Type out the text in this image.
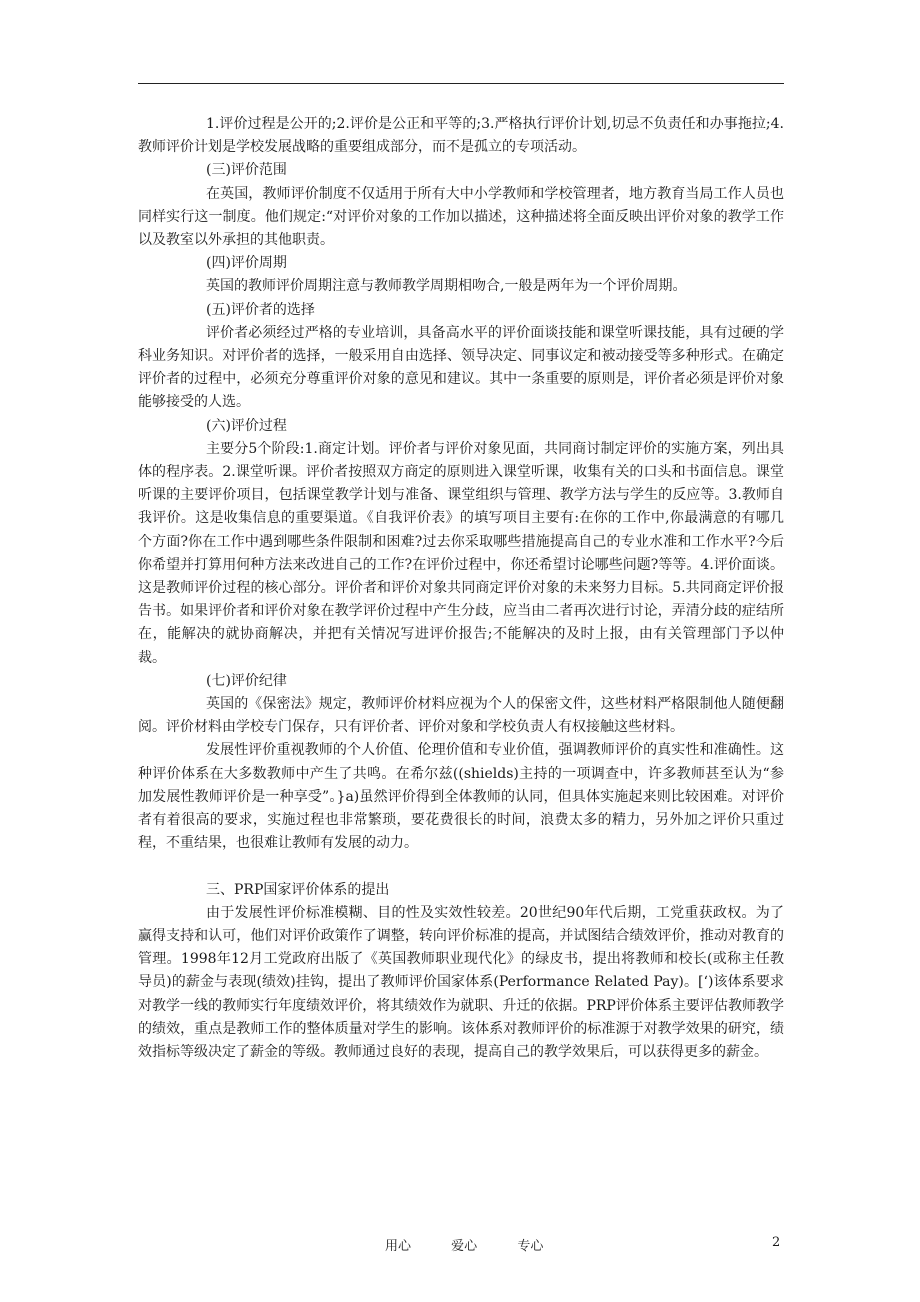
1.评价过程是公开的;2.评价是公正和平等的;3.严格执行评价计划,切忌不负责任和办事拖拉;4.教师评价计划是学校发展战略的重要组成部分，而不是孤立的专项活动。

(三)评价范围

在英国，教师评价制度不仅适用于所有大中小学教师和学校管理者，地方教育当局工作人员也同样实行这一制度。他们规定:“对评价对象的工作加以描述，这种描述将全面反映出评价对象的教学工作以及教室以外承担的其他职责。

(四)评价周期

英国的教师评价周期注意与教师教学周期相吻合,一般是两年为一个评价周期。

(五)评价者的选择

评价者必须经过严格的专业培训，具备高水平的评价面谈技能和课堂听课技能，具有过硬的学科业务知识。对评价者的选择，一般采用自由选择、领导决定、同事议定和被动接受等多种形式。在确定评价者的过程中，必须充分尊重评价对象的意见和建议。其中一条重要的原则是，评价者必须是评价对象能够接受的人选。

(六)评价过程

主要分5个阶段:1.商定计划。评价者与评价对象见面，共同商讨制定评价的实施方案，列出具体的程序表。2.课堂听课。评价者按照双方商定的原则进入课堂听课，收集有关的口头和书面信息。课堂听课的主要评价项目，包括课堂教学计划与准备、课堂组织与管理、教学方法与学生的反应等。3.教师自我评价。这是收集信息的重要渠道。《自我评价表》的填写项目主要有:在你的工作中,你最满意的有哪几个方面?你在工作中遇到哪些条件限制和困难?过去你采取哪些措施提高自己的专业水准和工作水平?今后你希望并打算用何种方法来改进自己的工作?在评价过程中，你还希望讨论哪些问题?等等。4.评价面谈。这是教师评价过程的核心部分。评价者和评价对象共同商定评价对象的未来努力目标。5.共同商定评价报告书。如果评价者和评价对象在教学评价过程中产生分歧，应当由二者再次进行讨论，弄清分歧的症结所在，能解决的就协商解决，并把有关情况写进评价报告;不能解决的及时上报，由有关管理部门予以仲裁。

(七)评价纪律

英国的《保密法》规定，教师评价材料应视为个人的保密文件，这些材料严格限制他人随便翻阅。评价材料由学校专门保存，只有评价者、评价对象和学校负责人有权接触这些材料。

发展性评价重视教师的个人价值、伦理价值和专业价值，强调教师评价的真实性和准确性。这种评价体系在大多数教师中产生了共鸣。在希尔兹((shields)主持的一项调查中，许多教师甚至认为“参加发展性教师评价是一种享受”。}a)虽然评价得到全体教师的认同，但具体实施起来则比较困难。对评价者有着很高的要求，实施过程也非常繁琐，要花费很长的时间，浪费太多的精力，另外加之评价只重过程，不重结果，也很难让教师有发展的动力。

三、PRP国家评价体系的提出

由于发展性评价标准模糊、目的性及实效性较差。20世纪90年代后期，工党重获政权。为了赢得支持和认可，他们对评价政策作了调整，转向评价标准的提高，并试图结合绩效评价，推动对教育的管理。1998年12月工党政府出版了《英国教师职业现代化》的绿皮书，提出将教师和校长(或称主任教导员)的薪金与表现(绩效)挂钩，提出了教师评价国家体系(Performance Related Pay)。[‘)该体系要求对教学一线的教师实行年度绩效评价，将其绩效作为就职、升迁的依据。PRP评价体系主要评估教师教学的绩效，重点是教师工作的整体质量对学生的影响。该体系对教师评价的标准源于对教学效果的研究，绩效指标等级决定了薪金的等级。教师通过良好的表现，提高自己的教学效果后，可以获得更多的薪金。

用心	爱心	专心	2
